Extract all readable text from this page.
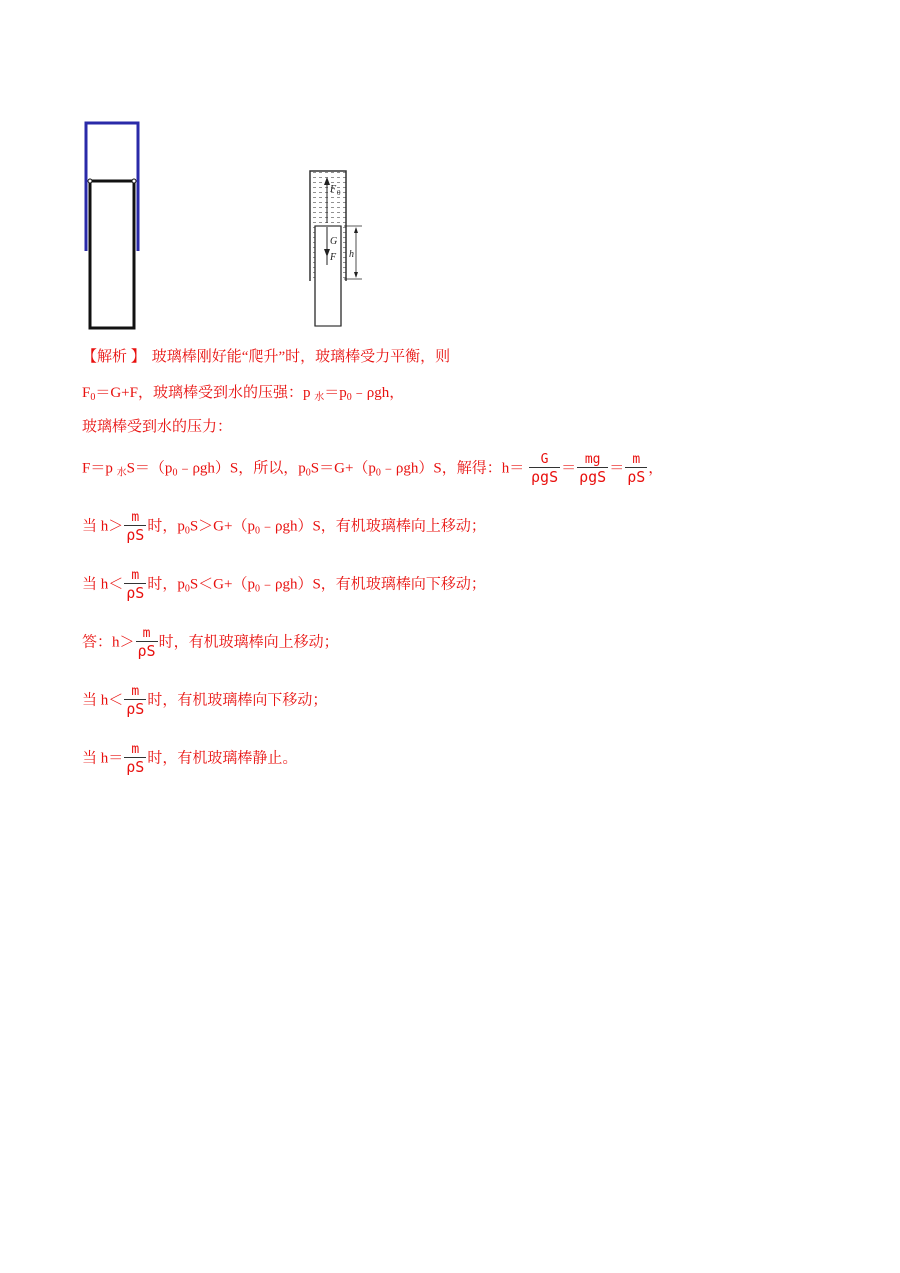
F 0
G
F h
【解析 】 玻璃棒刚好能“爬升”时，玻璃棒受力平衡，则
$F_0=G+F$，玻璃棒受到水的压强：p $_水=p_0﹣\rho gh$，
玻璃棒受到水的压力：
F＝p $_水S=(p_0﹣\rho gh)S$，所以，$p_0S=G+(p_0﹣\rho gh)S$，解得：$h= \frac{G}{\text{ρgS}} = \frac{mg}{\text{ρgS}} = \frac{m}{\rho S}$ ，
当 $h> \frac{m}{\rho S}$ 时，$p_0S>G+(p_0﹣\rho gh)S$，有机玻璃棒向上移动；
当 $h< \frac{m}{\rho S}$ 时，$p_0S<G+(p_0﹣\rho gh)S$，有机玻璃棒向下移动；
答：$h> \frac{m}{\rho S}$ 时，有机玻璃棒向上移动；
当 $h< \frac{m}{\rho S}$ 时，有机玻璃棒向下移动；
当 $h= \frac{m}{\rho S}$ 时，有机玻璃棒静止。
